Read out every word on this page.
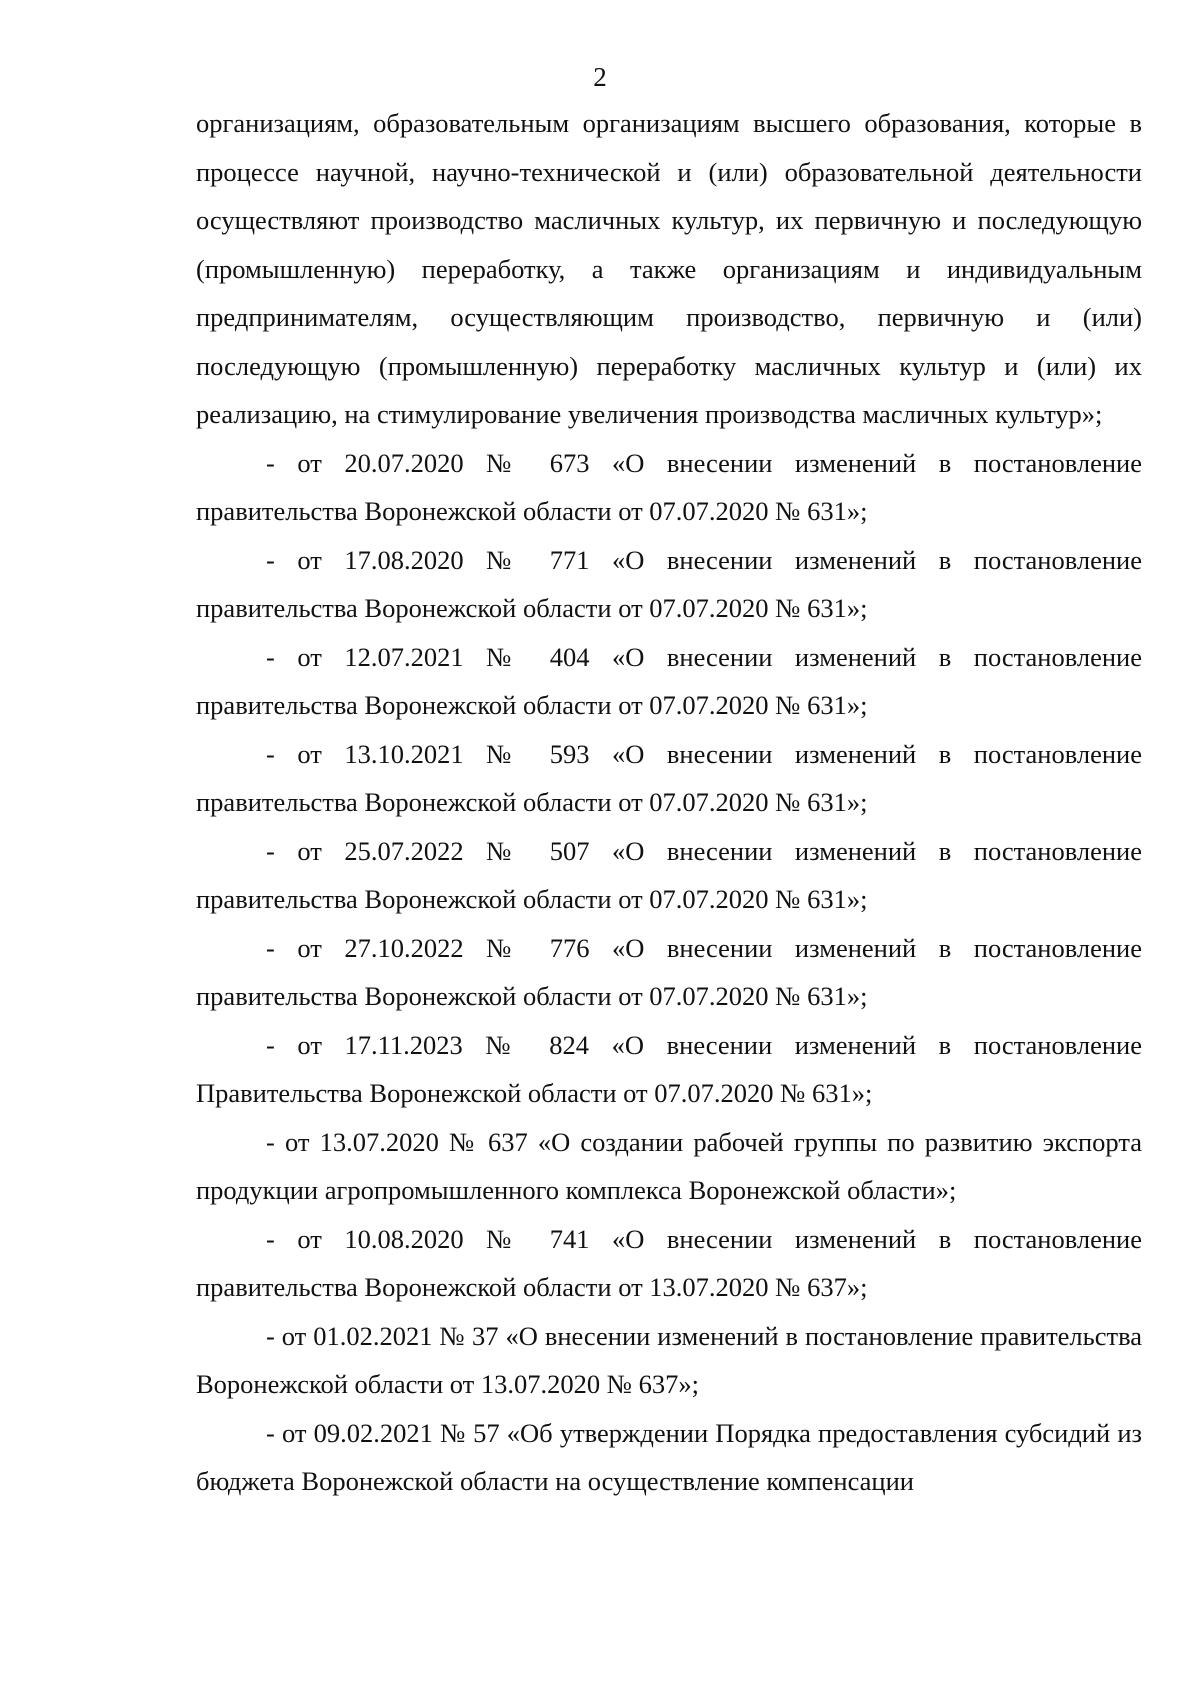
2

организациям, образовательным организациям высшего образования, которые в процессе научной, научно-технической и (или) образовательной деятельности осуществляют производство масличных культур, их первичную и последующую (промышленную) переработку, а также организациям и индивидуальным предпринимателям, осуществляющим производство, первичную и (или) последующую (промышленную) переработку масличных культур и (или) их реализацию, на стимулирование увеличения производства масличных культур»;

- от 20.07.2020 № 673 «О внесении изменений в постановление правительства Воронежской области от 07.07.2020 № 631»;

- от 17.08.2020 № 771 «О внесении изменений в постановление правительства Воронежской области от 07.07.2020 № 631»;

- от 12.07.2021 № 404 «О внесении изменений в постановление правительства Воронежской области от 07.07.2020 № 631»;

- от 13.10.2021 № 593 «О внесении изменений в постановление правительства Воронежской области от 07.07.2020 № 631»;

- от 25.07.2022 № 507 «О внесении изменений в постановление правительства Воронежской области от 07.07.2020 № 631»;

- от 27.10.2022 № 776 «О внесении изменений в постановление правительства Воронежской области от 07.07.2020 № 631»;

- от 17.11.2023 № 824 «О внесении изменений в постановление Правительства Воронежской области от 07.07.2020 № 631»;

- от 13.07.2020 № 637 «О создании рабочей группы по развитию экспорта продукции агропромышленного комплекса Воронежской области»;

- от 10.08.2020 № 741 «О внесении изменений в постановление правительства Воронежской области от 13.07.2020 № 637»;

- от 01.02.2021 № 37 «О внесении изменений в постановление правительства Воронежской области от 13.07.2020 № 637»;

- от 09.02.2021 № 57 «Об утверждении Порядка предоставления субсидий из бюджета Воронежской области на осуществление компенсации
